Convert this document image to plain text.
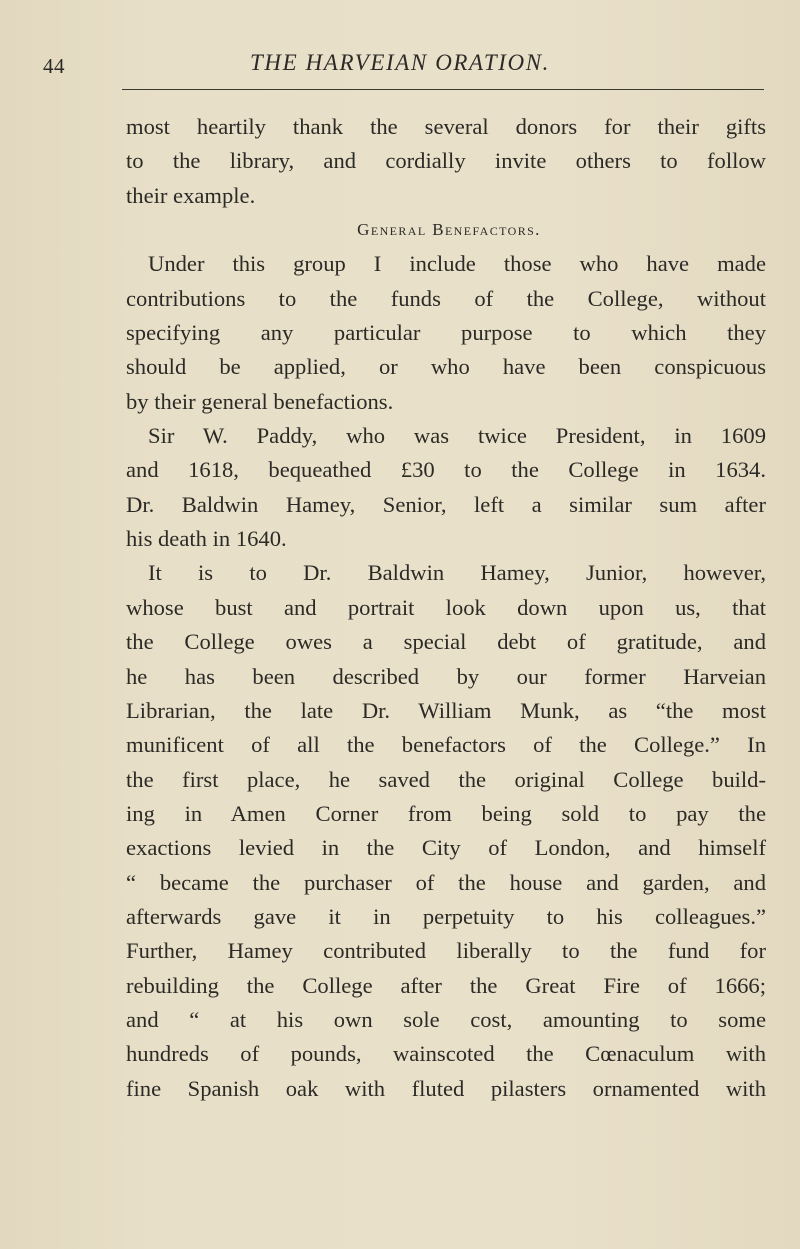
44	THE HARVEIAN ORATION.
most heartily thank the several donors for their gifts
to the library, and cordially invite others to follow
their example.
General Benefactors.
Under this group I include those who have made
contributions to the funds of the College, without
specifying any particular purpose to which they
should be applied, or who have been conspicuous
by their general benefactions.
Sir W. Paddy, who was twice President, in 1609
and 1618, bequeathed £30 to the College in 1634.
Dr. Baldwin Hamey, Senior, left a similar sum after
his death in 1640.
It is to Dr. Baldwin Hamey, Junior, however,
whose bust and portrait look down upon us, that
the College owes a special debt of gratitude, and
he has been described by our former Harveian
Librarian, the late Dr. William Munk, as “the most
munificent of all the benefactors of the College.” In
the first place, he saved the original College build-
ing in Amen Corner from being sold to pay the
exactions levied in the City of London, and himself
“ became the purchaser of the house and garden, and
afterwards gave it in perpetuity to his colleagues.”
Further, Hamey contributed liberally to the fund for
rebuilding the College after the Great Fire of 1666;
and “ at his own sole cost, amounting to some
hundreds of pounds, wainscoted the Cœnaculum with
fine Spanish oak with fluted pilasters ornamented with
